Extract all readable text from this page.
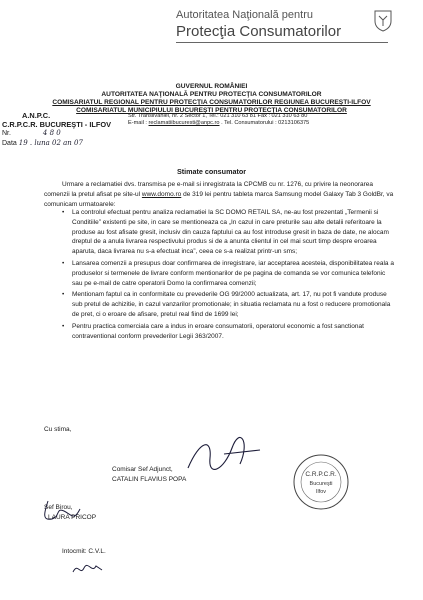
Autoritatea Naţională pentru
Protecţia Consumatorilor
GUVERNUL ROMÂNIEI
AUTORITATEA NAŢIONALĂ PENTRU PROTECŢIA CONSUMATORILOR
COMISARIATUL REGIONAL PENTRU PROTECŢIA CONSUMATORILOR REGIUNEA BUCUREŞTI-ILFOV
COMISARIATUL MUNICIPIULUI BUCUREŞTI PENTRU PROTECŢIA CONSUMATORILOR
A.N.P.C.
C.R.P.C.R. BUCUREŞTI - ILFOV
Nr.	4 8 0
Data 19 . luna 02 an 07
Str. Transilvaniei, nr. 2 Sector 1, Tel.: 021 310 63 81 Fax : 021 310 63 80
E-mail : reclamatiibucuresti@anpc.ro . Tel. Consumatorului : 0213106375
Stimate consumator
Urmare a reclamatiei dvs. transmisa pe e-mail si inregistrata la CPCMB cu nr. 1276, cu privire la neonorarea comenzii la pretul afisat pe site-ul www.domo.ro de 319 lei pentru tableta marca Samsung model Galaxy Tab 3 GoldBr, va comunicam urmatoarele:
• La controlul efectuat pentru analiza reclamatiei la SC DOMO RETAIL SA, ne-au fost prezentati „Termenii si Conditiile” existenti pe site, in care se mentioneaza ca „In cazul in care preturile sau alte detalii referitoare la produse au fost afisate gresit, inclusiv din cauza faptului ca au fost introduse gresit in baza de date, ne alocam dreptul de a anula livrarea respectivului produs si de a anunta clientul in cel mai scurt timp despre eroarea aparuta, daca livrarea nu s-a efectuat inca”, ceea ce s-a realizat printr-un sms;
• Lansarea comenzii a presupus doar confirmarea de inregistrare, iar acceptarea acesteia, disponibilitatea reala a produselor si termenele de livrare conform mentionarilor de pe pagina de comanda se vor comunica telefonic sau pe e-mail de catre operatorii Domo la confirmarea comenzii;
• Mentionam faptul ca in conformitate cu prevederile OG 99/2000 actualizata, art. 17, nu pot fi vandute produse sub pretul de achizitie, in cazul vanzarilor promotionale; in situatia reclamata nu a fost o reducere promotionala de pret, ci o eroare de afisare, pretul real fiind de 1699 lei;
• Pentru practica comerciala care a indus in eroare consumatorii, operatorul economic a fost sanctionat contraventional conform prevederilor Legii 363/2007.
Cu stima,
Comisar Sef Adjunct,
CATALIN FLAVIUS POPA
C.R.P.C.R.
Bucureşti
Ilfov
Sef Birou,
LAURA PRICOP
Intocmit: C.V.L.
